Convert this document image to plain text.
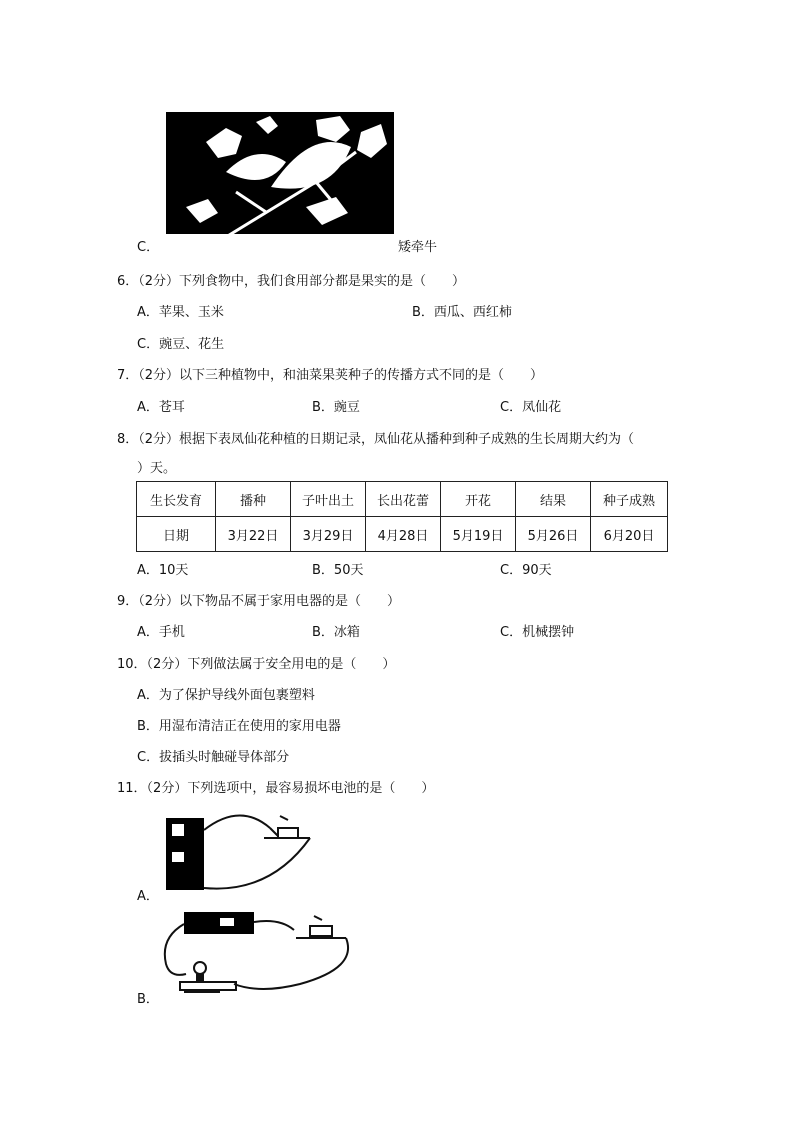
C．	矮牵牛
6．（2分）下列食物中，我们食用部分都是果实的是（　　）
A．苹果、玉米	B．西瓜、西红柿
C．豌豆、花生
7．（2分）以下三种植物中，和油菜果荚种子的传播方式不同的是（　　）
A．苍耳	B．豌豆	C．凤仙花
8．（2分）根据下表凤仙花种植的日期记录，凤仙花从播种到种子成熟的生长周期大约为（
）天。
生长发育	播种	子叶出土	长出花蕾	开花	结果	种子成熟
日期	3月22日	3月29日	4月28日	5月19日	5月26日	6月20日
A．10天	B．50天	C．90天
9．（2分）以下物品不属于家用电器的是（　　）
A．手机	B．冰箱	C．机械摆钟
10．（2分）下列做法属于安全用电的是（　　）
A．为了保护导线外面包裹塑料
B．用湿布清洁正在使用的家用电器
C．拔插头时触碰导体部分
11．（2分）下列选项中，最容易损坏电池的是（　　）
A．
B．
